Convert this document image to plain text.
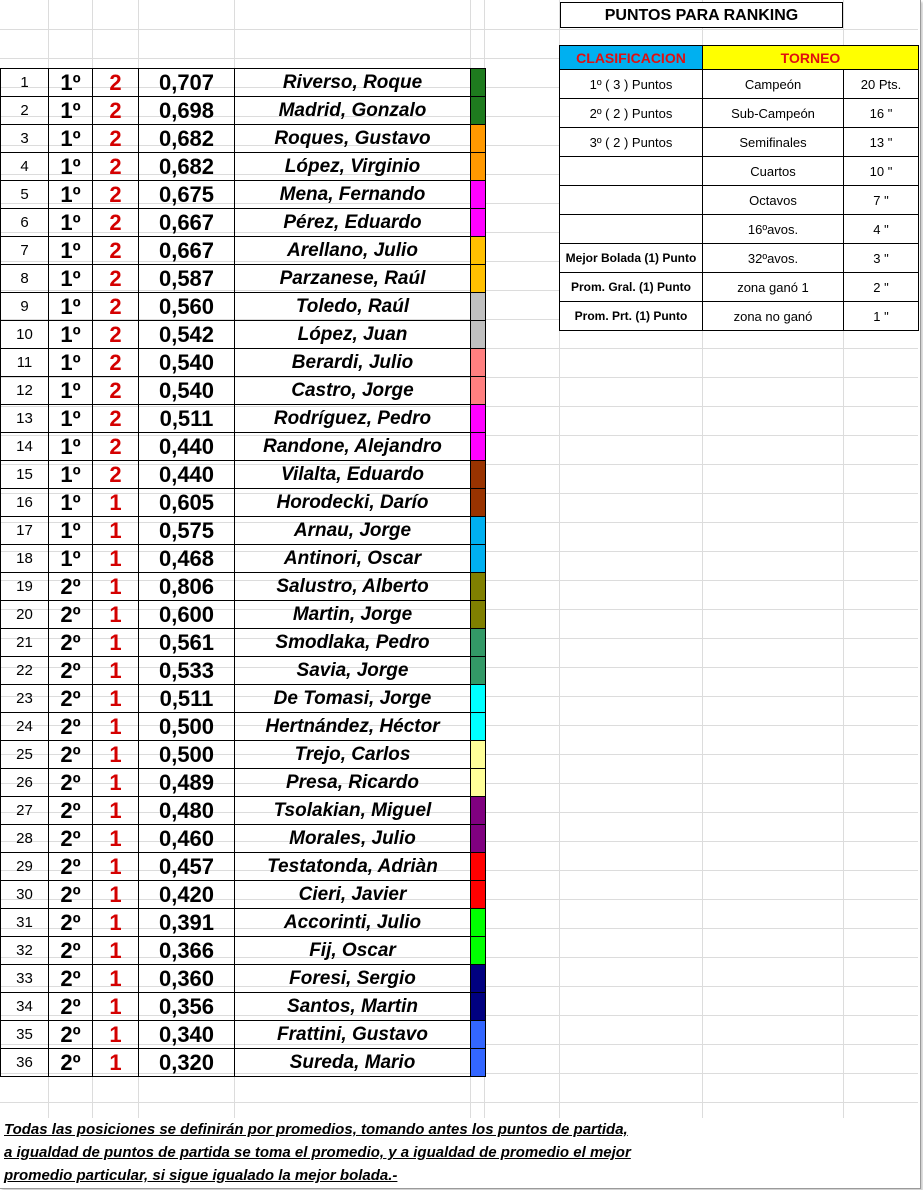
PUNTOS PARA RANKING
CLASIFICACION	TORNEO	
1º ( 3 ) Puntos	Campeón	20 Pts.
2º ( 2 ) Puntos	Sub-Campeón	16 "
3º ( 2 ) Puntos	Semifinales	13 "
	Cuartos	10 "
	Octavos	7 "
	16ºavos.	4 "
Mejor Bolada (1) Punto	32ºavos.	3 "
Prom. Gral. (1) Punto	zona ganó 1	2 "
Prom. Prt. (1) Punto	zona no ganó	1 "
1	1º	2	0,707	Riverso, Roque	
2	1º	2	0,698	Madrid, Gonzalo	
3	1º	2	0,682	Roques, Gustavo	
4	1º	2	0,682	López, Virginio	
5	1º	2	0,675	Mena, Fernando	
6	1º	2	0,667	Pérez, Eduardo	
7	1º	2	0,667	Arellano, Julio	
8	1º	2	0,587	Parzanese, Raúl	
9	1º	2	0,560	Toledo, Raúl	
10	1º	2	0,542	López, Juan	
11	1º	2	0,540	Berardi, Julio	
12	1º	2	0,540	Castro, Jorge	
13	1º	2	0,511	Rodríguez, Pedro	
14	1º	2	0,440	Randone, Alejandro	
15	1º	2	0,440	Vilalta, Eduardo	
16	1º	1	0,605	Horodecki, Darío	
17	1º	1	0,575	Arnau, Jorge	
18	1º	1	0,468	Antinori, Oscar	
19	2º	1	0,806	Salustro, Alberto	
20	2º	1	0,600	Martin, Jorge	
21	2º	1	0,561	Smodlaka, Pedro	
22	2º	1	0,533	Savia, Jorge	
23	2º	1	0,511	De Tomasi, Jorge	
24	2º	1	0,500	Hertnández, Héctor	
25	2º	1	0,500	Trejo, Carlos	
26	2º	1	0,489	Presa, Ricardo	
27	2º	1	0,480	Tsolakian, Miguel	
28	2º	1	0,460	Morales, Julio	
29	2º	1	0,457	Testatonda, Adriàn	
30	2º	1	0,420	Cieri, Javier	
31	2º	1	0,391	Accorinti, Julio	
32	2º	1	0,366	Fij, Oscar	
33	2º	1	0,360	Foresi, Sergio	
34	2º	1	0,356	Santos, Martin	
35	2º	1	0,340	Frattini, Gustavo	
36	2º	1	0,320	Sureda, Mario	
Todas las posiciones se definirán por promedios, tomando antes los puntos de partida,
a igualdad de puntos de partida se toma el promedio, y a igualdad de promedio el mejor
promedio particular, si sigue igualado la mejor bolada.-
